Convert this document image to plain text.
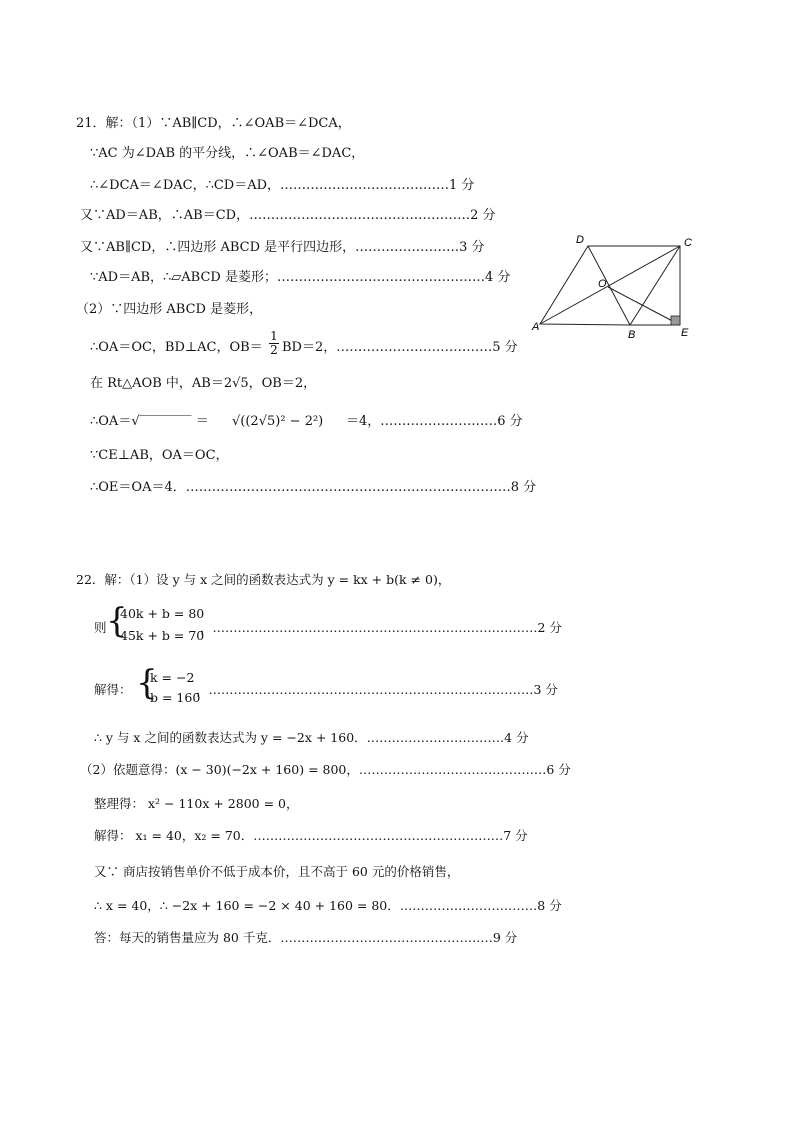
21．解：（1）∵AB∥CD，∴∠OAB＝∠DCA，
∵AC 为∠DAB 的平分线，∴∠OAB＝∠DAC，
∴∠DCA＝∠DAC，∴CD＝AD，…………………………………1 分
又∵AD＝AB，∴AB＝CD，……………………………………………2 分
又∵AB∥CD，∴四边形 ABCD 是平行四边形，……………………3 分
∵AD＝AB，∴▱ABCD 是菱形；…………………………………………4 分
（2）∵四边形 ABCD 是菱形，
∴OA＝OC，BD⊥AC，$OB= \frac{1}{2} BD=2$，………………………………5 分
在 Rt△AOB 中，AB＝2√5，OB＝2，
∴OA＝√‾‾‾‾‾‾‾‾ ＝ √((2√5)² − 2²) ＝4，………………………6 分
∵CE⊥AB，OA＝OC，
∴OE＝OA＝4．…………………………………………………………………8 分
A
B
C
D
E
O
22．解：（1）设 y 与 x 之间的函数表达式为 y = kx + b(k ≠ 0)，
则 {
40k + b = 80
45k + b = 70
，……………………………………………………………………2 分
解得： {
k = −2
b = 160
，……………………………………………………………………3 分
∴ y 与 x 之间的函数表达式为 y = −2x + 160．……………………………4 分
（2）依题意得：(x − 30)(−2x + 160) = 800，………………………………………6 分
整理得： x² − 110x + 2800 = 0，
解得： x₁ = 40，x₂ = 70．……………………………………………………7 分
又∵ 商店按销售单价不低于成本价，且不高于 60 元的价格销售，
∴ x = 40，∴ −2x + 160 = −2 × 40 + 160 = 80．……………………………8 分
答：每天的销售量应为 80 千克．……………………………………………9 分
